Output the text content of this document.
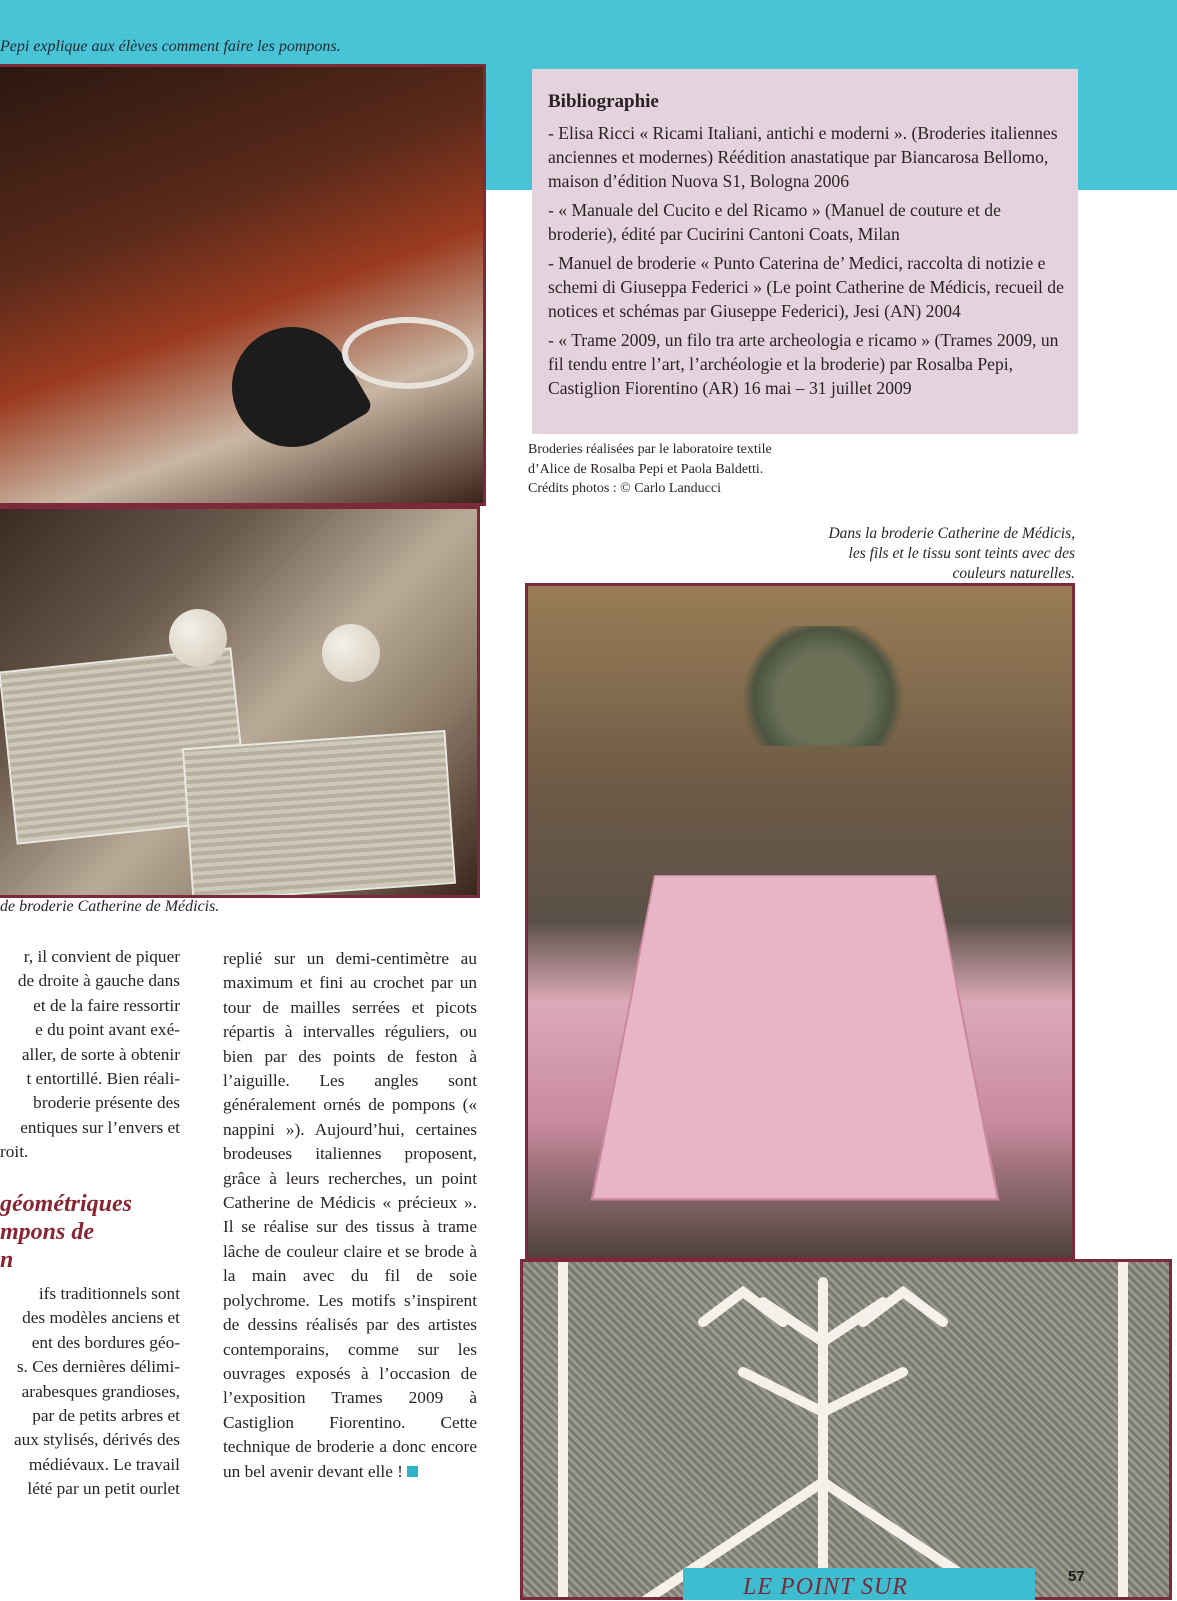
Pepi explique aux élèves comment faire les pompons.
Bibliographie
- Elisa Ricci « Ricami Italiani, antichi e moderni ». (Broderies italiennes anciennes et modernes) Réédition anastatique par Biancarosa Bellomo, maison d’édition Nuova S1, Bologna 2006
- « Manuale del Cucito e del Ricamo » (Manuel de couture et de broderie), édité par Cucirini Cantoni Coats, Milan
- Manuel de broderie « Punto Caterina de’ Medici, raccolta di notizie e schemi di Giuseppa Federici » (Le point Catherine de Médicis, recueil de notices et schémas par Giuseppe Federici), Jesi (AN) 2004
- « Trame 2009, un filo tra arte archeologia e ricamo » (Trames 2009, un fil tendu entre l’art, l’archéologie et la broderie) par Rosalba Pepi, Castiglion Fiorentino (AR) 16 mai – 31 juillet 2009
Broderies réalisées par le laboratoire textile
d’Alice de Rosalba Pepi et Paola Baldetti.
Crédits photos : © Carlo Landucci
Dans la broderie Catherine de Médicis, les fils et le tissu sont teints avec des couleurs naturelles.
de broderie Catherine de Médicis.

r, il convient de piquer

de droite à gauche dans

et de la faire ressortir

e du point avant exé-

aller, de sorte à obtenir

t entortillé. Bien réali-

broderie présente des

entiques sur l’envers et

roit.

géométriques
mpons de
n

ifs traditionnels sont

des modèles anciens et

ent des bordures géo-

s. Ces dernières délimi-

arabesques grandioses,

par de petits arbres et

aux stylisés, dérivés des

médiévaux. Le travail

lété par un petit ourlet

replié sur un demi-centimètre au maximum et fini au crochet par un tour de mailles serrées et picots répartis à intervalles réguliers, ou bien par des points de feston à l’aiguille. Les angles sont généralement ornés de pompons (« nappini »). Aujourd’hui, certaines brodeuses italiennes proposent, grâce à leurs recherches, un point Catherine de Médicis « précieux ». Il se réalise sur des tissus à trame lâche de couleur claire et se brode à la main avec du fil de soie polychrome. Les motifs s’inspirent de dessins réalisés par des artistes contemporains, comme sur les ouvrages exposés à l’occasion de l’exposition Trames 2009 à Castiglion Fiorentino. Cette technique de broderie a donc encore un bel avenir devant elle !

LE POINT SUR	57
